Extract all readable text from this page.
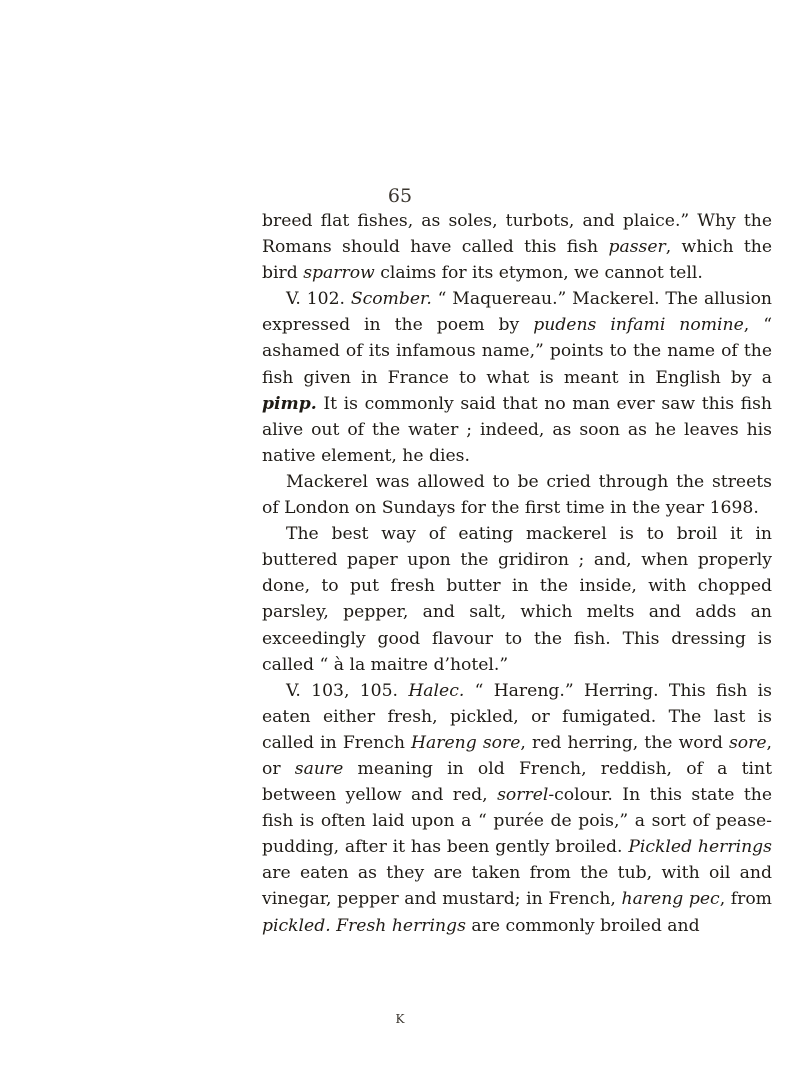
65

breed flat fishes, as soles, turbots, and plaice.” Why the Romans should have called this fish passer, which the bird sparrow claims for its etymon, we cannot tell.

V. 102. Scomber. “ Maquereau.” Mackerel. The allusion expressed in the poem by pudens infami nomine, “ ashamed of its infamous name,” points to the name of the fish given in France to what is meant in English by a pimp. It is commonly said that no man ever saw this fish alive out of the water ; indeed, as soon as he leaves his native element, he dies.

Mackerel was allowed to be cried through the streets of London on Sundays for the first time in the year 1698.

The best way of eating mackerel is to broil it in buttered paper upon the gridiron ; and, when properly done, to put fresh butter in the inside, with chopped parsley, pepper, and salt, which melts and adds an exceedingly good flavour to the fish. This dressing is called “ à la maitre d’hotel.”

V. 103, 105. Halec. “ Hareng.” Herring. This fish is eaten either fresh, pickled, or fumigated. The last is called in French Hareng sore, red herring, the word sore, or saure meaning in old French, reddish, of a tint between yellow and red, sorrel-colour. In this state the fish is often laid upon a “ purée de pois,” a sort of pease-pudding, after it has been gently broiled. Pickled herrings are eaten as they are taken from the tub, with oil and vinegar, pepper and mustard; in French, hareng pec, from pickled. Fresh herrings are commonly broiled and

K
